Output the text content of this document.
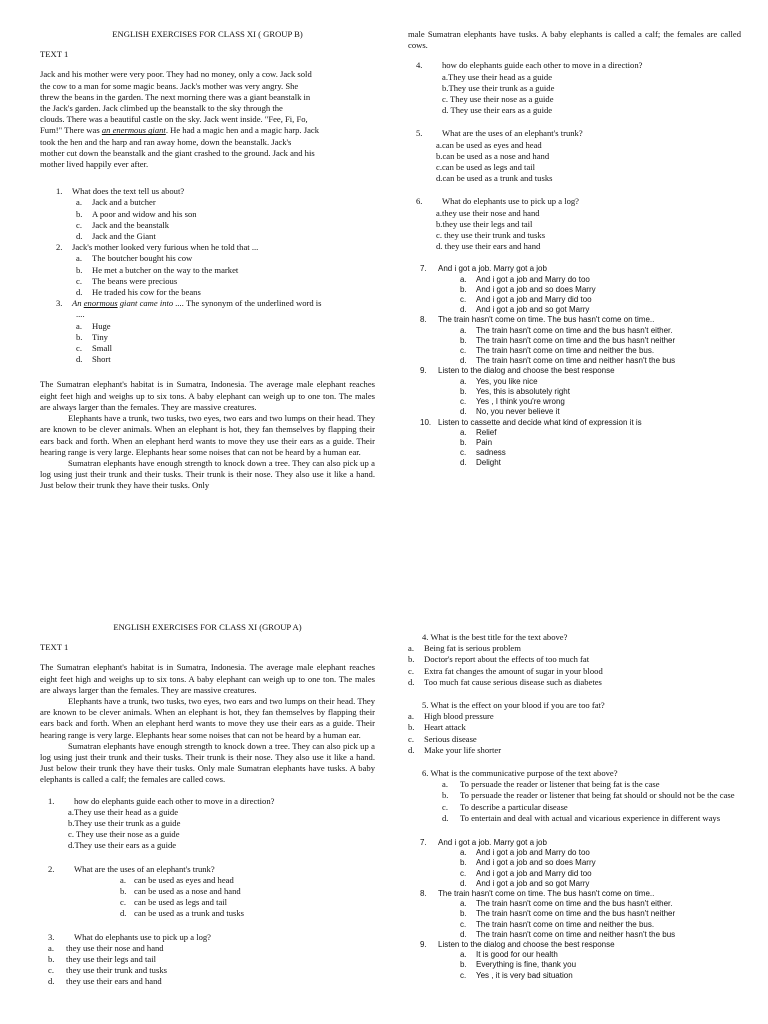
ENGLISH EXERCISES FOR CLASS XI ( GROUP B)

TEXT 1

Jack and his mother were very poor. They had no money, only a cow. Jack sold

the cow to a man for some magic beans. Jack's mother was very angry. She

threw the beans in the garden. The next morning there was a giant beanstalk in

the Jack's garden. Jack climbed up the beanstalk to the sky through the

clouds. There was a beautiful castle on the sky. Jack went inside. "Fee, Fi, Fo,

Fum!" There was an enermous giant. He had a magic hen and a magic harp. Jack

took the hen and the harp and ran away home, down the beanstalk. Jack's

mother cut down the beanstalk and the giant crashed to the ground. Jack and his

mother lived happily ever after.

1.	What does the text tell us about?
a.	Jack and a butcher
b.	A poor and widow and his son
c.	Jack and the beanstalk
d.	Jack and the Giant
2.	Jack's mother looked very furious when he told that ...
a.	The boutcher bought his cow
b.	He met a butcher on the way to the market
c.	The beans were precious
d.	He traded his cow for the beans
3.	An enormous giant came into .... The synonym of the underlined word is
....
a.	Huge
b.	Tiny
c.	Small
d.	Short

The Sumatran elephant's habitat is in Sumatra, Indonesia. The average male elephant reaches eight feet high and weighs up to six tons. A baby elephant can weigh up to one ton. The males are always larger than the females. They are massive creatures.

Elephants have a trunk, two tusks, two eyes, two ears and two lumps on their head. They are known to be clever animals. When an elephant is hot, they fan themselves by flapping their ears back and forth. When an elephant herd wants to move they use their ears as a guide. Their hearing range is very large. Elephants hear some noises that can not be heard by a human ear.

Sumatran elephants have enough strength to knock down a tree. They can also pick up a log using just their trunk and their tusks. Their trunk is their nose. They also use it like a hand. Just below their trunk they have their tusks. Only

male Sumatran elephants have tusks. A baby elephants is called a calf; the females are called cows.

4.	how do elephants guide each other to move in a direction?
a.They use their head as a guide
b.They use their trunk as a guide
c. They use their nose as a guide
d. They use their ears as a guide
5.	What are the uses of an elephant's trunk?
a.can be used as eyes and head
b.can be used as a nose and hand
c.can be used as legs and tail
d.can be used as a trunk and tusks
6.	What do elephants use to pick up a log?
a.they use their nose and hand
b.they use their legs and tail
c. they use their trunk and tusks
d. they use their ears and hand
7.	And i got a job. Marry got a job
a.	And i got a job and Marry do too
b.	And i got a job and so does Marry
c.	And i got a job and Marry did too
d.	And i got a job and so got Marry
8.	The train hasn't come on time. The bus hasn't come on time..
a.	The train hasn't come on time and the bus hasn't either.
b.	The train hasn't come on time and the bus hasn't neither
c.	The train hasn't come on time and neither the bus.
d.	The train hasn't come on time and neither hasn't the bus
9.	Listen to the dialog and choose the best response
a.	Yes, you like nice
b.	Yes, this is absolutely right
c.	Yes , I think you're wrong
d.	No, you never believe it
10. Listen to cassette and decide what kind of expression it is
a.	Relief
b.	Pain
c.	sadness
d.	Delight

ENGLISH EXERCISES FOR CLASS XI (GROUP A)

TEXT 1

The Sumatran elephant's habitat is in Sumatra, Indonesia. The average male elephant reaches eight feet high and weighs up to six tons. A baby elephant can weigh up to one ton. The males are always larger than the females. They are massive creatures.

Elephants have a trunk, two tusks, two eyes, two ears and two lumps on their head. They are known to be clever animals. When an elephant is hot, they fan themselves by flapping their ears back and forth. When an elephant herd wants to move they use their ears as a guide. Their hearing range is very large. Elephants hear some noises that can not be heard by a human ear.

Sumatran elephants have enough strength to knock down a tree. They can also pick up a log using just their trunk and their tusks. Their trunk is their nose. They also use it like a hand. Just below their trunk they have their tusks. Only male Sumatran elephants have tusks. A baby elephants is called a calf; the females are called cows.

1.	how do elephants guide each other to move in a direction?
a.They use their head as a guide
b.They use their trunk as a guide
c. They use their nose as a guide
d.They use their ears as a guide
2.	What are the uses of an elephant's trunk?
a. can be used as eyes and head
b. can be used as a nose and hand
c. can be used as legs and tail
d. can be used as a trunk and tusks
3.	What do elephants use to pick up a log?
a.	they use their nose and hand
b.	they use their legs and tail
c.	they use their trunk and tusks
d.	they use their ears and hand
4. What is the best title for the text above?
a.	Being fat is serious problem
b.	Doctor's report about the effects of too much fat
c.	Extra fat changes the amount of sugar in your blood
d.	Too much fat cause serious disease such as diabetes
5. What is the effect on your blood if you are too fat?
a.	High blood pressure
b.	Heart attack
c.	Serious disease
d.	Make your life shorter
6. What is the communicative purpose of the text above?
a.	To persuade the reader or listener that being fat is the case
b.	To persuade the reader or listener that being fat should or should not be the case
c.	To describe a particular disease
d.	To entertain and deal with actual and vicarious experience in different ways
7.	And i got a job. Marry got a job
a.	And i got a job and Marry do too
b.	And i got a job and so does Marry
c.	And i got a job and Marry did too
d.	And i got a job and so got Marry
8.	The train hasn't come on time. The bus hasn't come on time..
a.	The train hasn't come on time and the bus hasn't either.
b.	The train hasn't come on time and the bus hasn't neither
c.	The train hasn't come on time and neither the bus.
d.	The train hasn't come on time and neither hasn't the bus
9.	Listen to the dialog and choose the best response
a.	It is good for our health
b.	Everything is fine, thank you
c.	Yes , it is very bad situation
